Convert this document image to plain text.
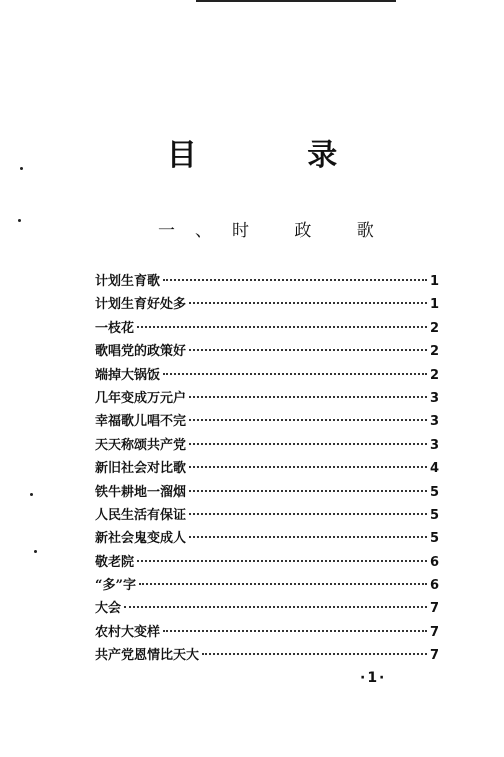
目 录
一、时 政 歌
计划生育歌	1
计划生育好处多	1
一枝花	2
歌唱党的政策好	2
端掉大锅饭	2
几年变成万元户	3
幸福歌儿唱不完	3
天天称颂共产党	3
新旧社会对比歌	4
铁牛耕地一溜烟	5
人民生活有保证	5
新社会鬼变成人	5
敬老院	6
“多”字	6
大会	7
农村大变样	7
共产党恩情比天大	7
·1·
